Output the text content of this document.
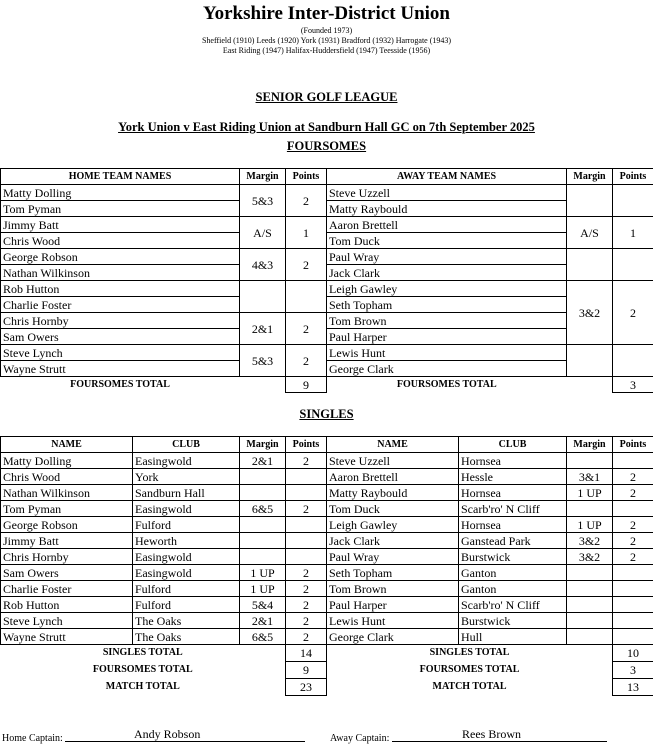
Yorkshire Inter-District Union
(Founded 1973)
Sheffield (1910) Leeds (1920) York (1931) Bradford (1932) Harrogate (1943)
East Riding (1947) Halifax-Huddersfield (1947) Teesside (1956)
SENIOR GOLF LEAGUE
York Union v East Riding Union at Sandburn Hall GC on 7th September 2025
FOURSOMES
HOME TEAM NAMES	Margin	Points	AWAY TEAM NAMES	Margin	Points
Matty Dolling	5&3	2	Steve Uzzell		
Tom Pyman			Matty Raybould		
Jimmy Batt	A/S	1	Aaron Brettell	A/S	1
Chris Wood			Tom Duck		
George Robson	4&3	2	Paul Wray		
Nathan Wilkinson			Jack Clark		
Rob Hutton			Leigh Gawley	3&2	2
Charlie Foster			Seth Topham		
Chris Hornby	2&1	2	Tom Brown		
Sam Owers			Paul Harper		
Steve Lynch	5&3	2	Lewis Hunt		
Wayne Strutt			George Clark		
FOURSOMES TOTAL		9	FOURSOMES TOTAL		3
SINGLES
NAME	CLUB	Margin	Points	NAME	CLUB	Margin	Points
Matty Dolling	Easingwold	2&1	2	Steve Uzzell	Hornsea		
Chris Wood	York			Aaron Brettell	Hessle	3&1	2
Nathan Wilkinson	Sandburn Hall			Matty Raybould	Hornsea	1 UP	2
Tom Pyman	Easingwold	6&5	2	Tom Duck	Scarb'ro' N Cliff		
George Robson	Fulford			Leigh Gawley	Hornsea	1 UP	2
Jimmy Batt	Heworth			Jack Clark	Ganstead Park	3&2	2
Chris Hornby	Easingwold			Paul Wray	Burstwick	3&2	2
Sam Owers	Easingwold	1 UP	2	Seth Topham	Ganton		
Charlie Foster	Fulford	1 UP	2	Tom Brown	Ganton		
Rob Hutton	Fulford	5&4	2	Paul Harper	Scarb'ro' N Cliff		
Steve Lynch	The Oaks	2&1	2	Lewis Hunt	Burstwick		
Wayne Strutt	The Oaks	6&5	2	George Clark	Hull		
SINGLES TOTAL			14	SINGLES TOTAL			10
FOURSOMES TOTAL			9	FOURSOMES TOTAL			3
MATCH TOTAL			23	MATCH TOTAL			13
Home Captain:	Andy Robson	Away Captain:	Rees Brown
